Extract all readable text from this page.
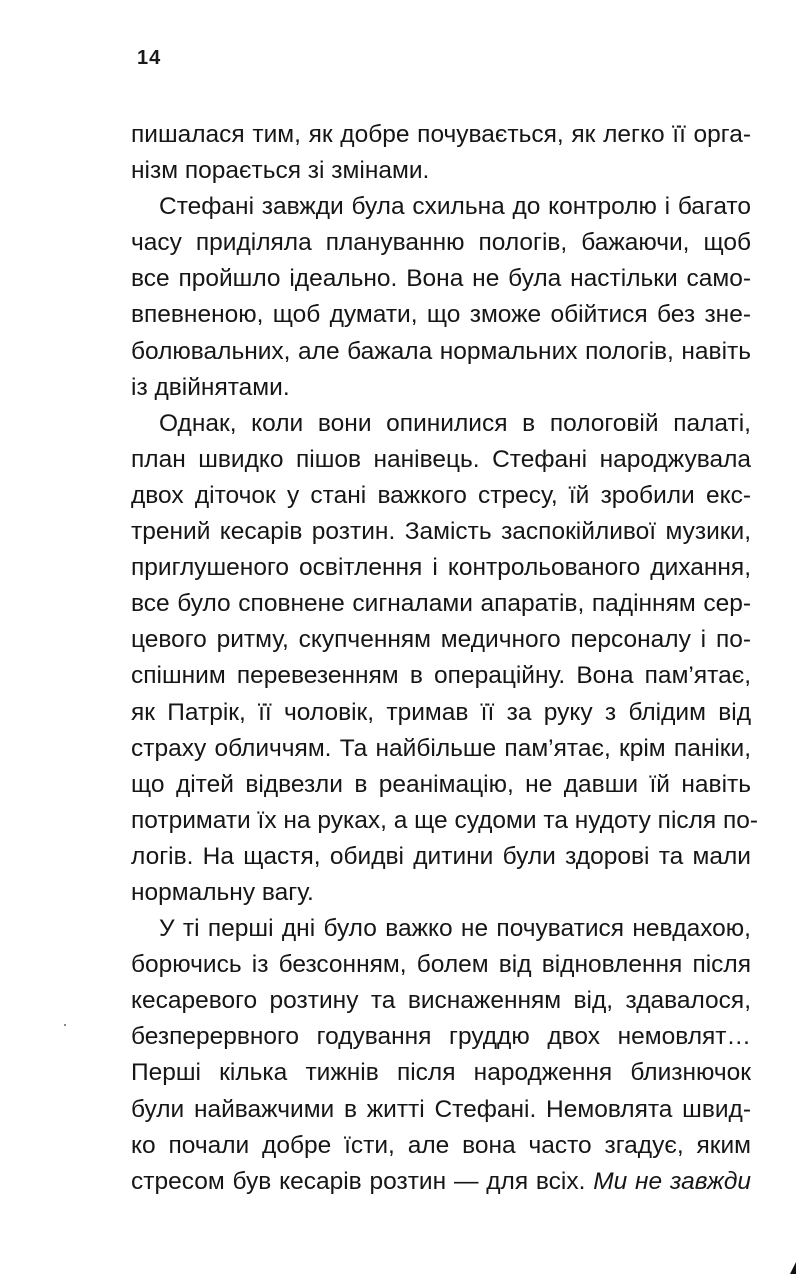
14
пишалася тим, як добре почувається, як легко її орга-
нізм порається зі змінами.
Стефані завжди була схильна до контролю і багато
часу приділяла плануванню пологів, бажаючи, щоб
все пройшло ідеально. Вона не була настільки само-
впевненою, щоб думати, що зможе обійтися без зне-
болювальних, але бажала нормальних пологів, навіть
із двійнятами.
Однак, коли вони опинилися в пологовій палаті,
план швидко пішов нанівець. Стефані народжувала
двох діточок у стані важкого стресу, їй зробили екс-
трений кесарів розтин. Замість заспокійливої музики,
приглушеного освітлення і контрольованого дихання,
все було сповнене сигналами апаратів, падінням сер-
цевого ритму, скупченням медичного персоналу і по-
спішним перевезенням в операційну. Вона пам’ятає,
як Патрік, її чоловік, тримав її за руку з блідим від
страху обличчям. Та найбільше пам’ятає, крім паніки,
що дітей відвезли в реанімацію, не давши їй навіть
потримати їх на руках, а ще судоми та нудоту після по-
логів. На щастя, обидві дитини були здорові та мали
нормальну вагу.
У ті перші дні було важко не почуватися невдахою,
борючись із безсонням, болем від відновлення після
кесаревого розтину та виснаженням від, здавалося,
безперервного годування груддю двох немовлят…
Перші кілька тижнів після народження близнючок
були найважчими в житті Стефані. Немовлята швид-
ко почали добре їсти, але вона часто згадує, яким
стресом був кесарів розтин — для всіх. Ми не завжди
